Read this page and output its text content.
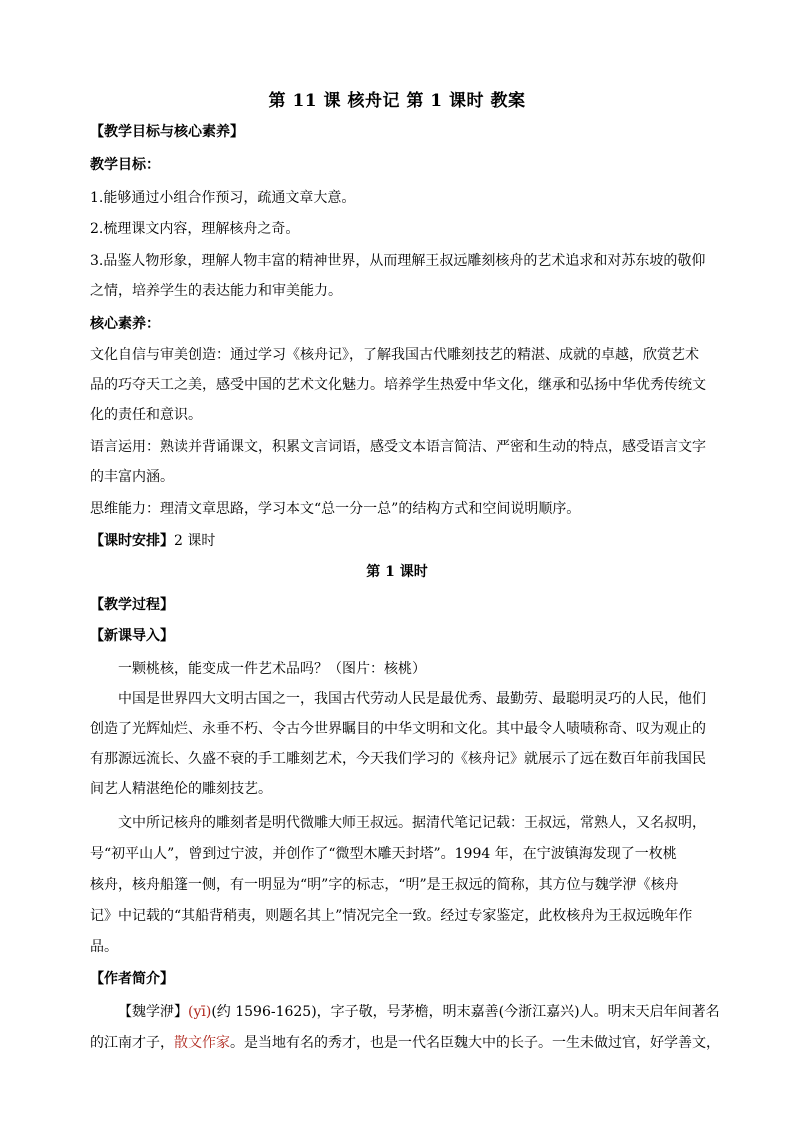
第 11 课 核舟记 第 1 课时 教案
【教学目标与核心素养】
教学目标：
1.能够通过小组合作预习，疏通文章大意。
2.梳理课文内容，理解核舟之奇。
3.品鉴人物形象，理解人物丰富的精神世界，从而理解王叔远雕刻核舟的艺术追求和对苏东坡的敬仰
之情，培养学生的表达能力和审美能力。
核心素养：
文化自信与审美创造：通过学习《核舟记》，了解我国古代雕刻技艺的精湛、成就的卓越，欣赏艺术
品的巧夺天工之美，感受中国的艺术文化魅力。培养学生热爱中华文化，继承和弘扬中华优秀传统文
化的责任和意识。
语言运用：熟读并背诵课文，积累文言词语，感受文本语言简洁、严密和生动的特点，感受语言文字
的丰富内涵。
思维能力：理清文章思路，学习本文“总一分一总”的结构方式和空间说明顺序。
【课时安排】2 课时
第 1 课时
【教学过程】
【新课导入】
一颗桃核，能变成一件艺术品吗？（图片：核桃）
中国是世界四大文明古国之一，我国古代劳动人民是最优秀、最勤劳、最聪明灵巧的人民，他们
创造了光辉灿烂、永垂不朽、令古今世界瞩目的中华文明和文化。其中最令人啧啧称奇、叹为观止的
有那源远流长、久盛不衰的手工雕刻艺术，今天我们学习的《核舟记》就展示了远在数百年前我国民
间艺人精湛绝伦的雕刻技艺。
文中所记核舟的雕刻者是明代微雕大师王叔远。据清代笔记记载：王叔远，常熟人，又名叔明，
号“初平山人”，曾到过宁波，并创作了“微型木雕天封塔”。1994 年，在宁波镇海发现了一枚桃
核舟，核舟船篷一侧，有一明显为“明”字的标志，“明”是王叔远的简称，其方位与魏学洢《核舟
记》中记载的“其船背稍夷，则题名其上”情况完全一致。经过专家鉴定，此枚核舟为王叔远晚年作
品。
【作者简介】
【魏学洢】(yī)(约 1596-1625)，字子敬，号茅檐，明末嘉善(今浙江嘉兴)人。明末天启年间著名
的江南才子，散文作家。是当地有名的秀才，也是一代名臣魏大中的长子。一生未做过官，好学善文，
